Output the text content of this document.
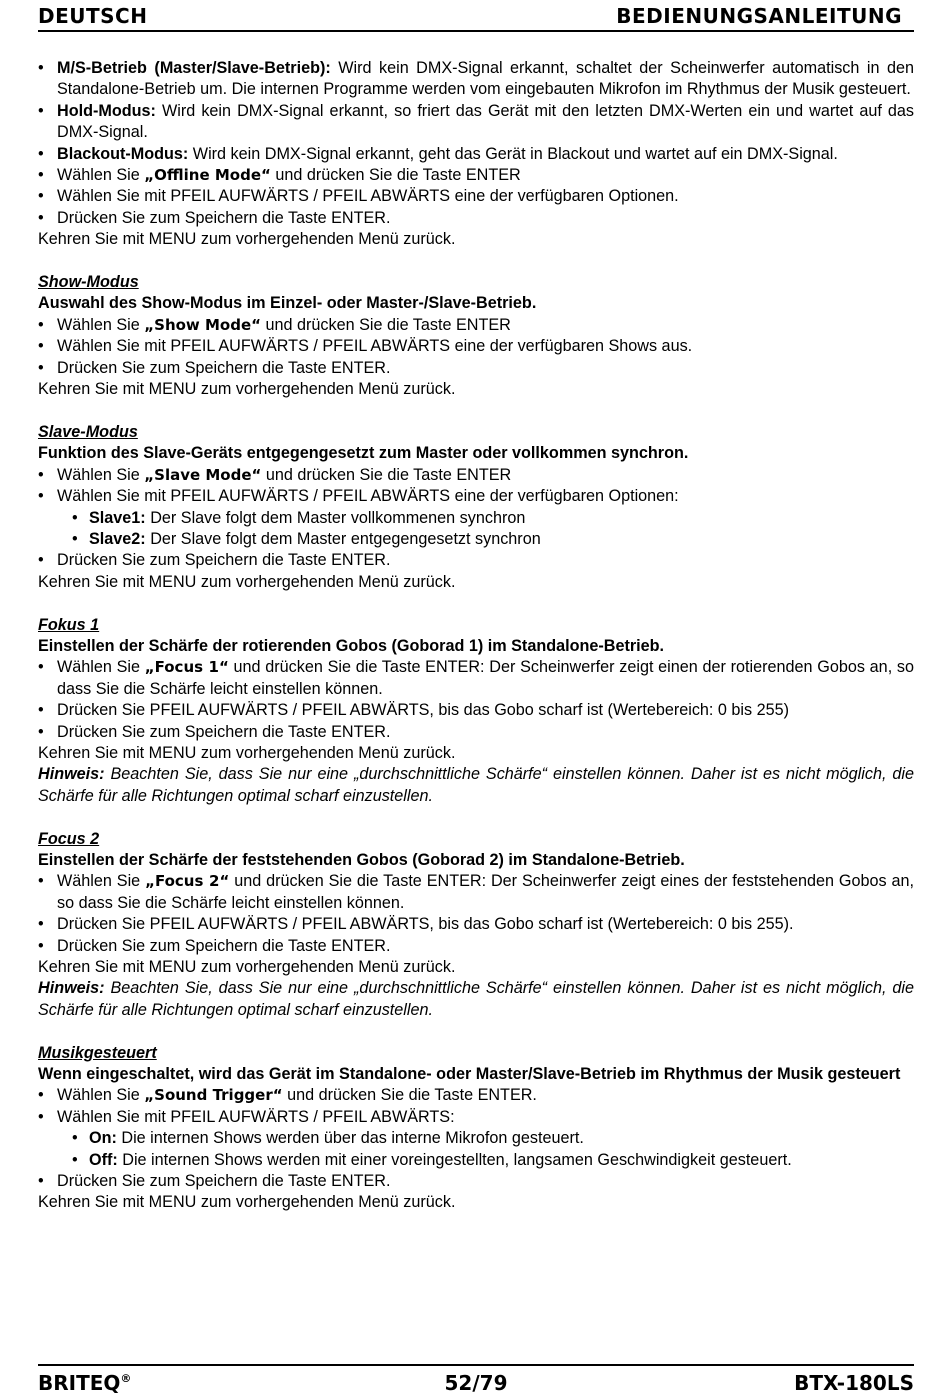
DEUTSCH	BEDIENUNGSANLEITUNG
• M/S-Betrieb (Master/Slave-Betrieb): Wird kein DMX-Signal erkannt, schaltet der Scheinwerfer automatisch in den Standalone-Betrieb um. Die internen Programme werden vom eingebauten Mikrofon im Rhythmus der Musik gesteuert.
• Hold-Modus: Wird kein DMX-Signal erkannt, so friert das Gerät mit den letzten DMX-Werten ein und wartet auf das DMX-Signal.
• Blackout-Modus: Wird kein DMX-Signal erkannt, geht das Gerät in Blackout und wartet auf ein DMX-Signal.
• Wählen Sie „Offline Mode“ und drücken Sie die Taste ENTER
• Wählen Sie mit PFEIL AUFWÄRTS / PFEIL ABWÄRTS eine der verfügbaren Optionen.
• Drücken Sie zum Speichern die Taste ENTER.
Kehren Sie mit MENU zum vorhergehenden Menü zurück.
Show-Modus
Auswahl des Show-Modus im Einzel- oder Master-/Slave-Betrieb.
• Wählen Sie „Show Mode“ und drücken Sie die Taste ENTER
• Wählen Sie mit PFEIL AUFWÄRTS / PFEIL ABWÄRTS eine der verfügbaren Shows aus.
• Drücken Sie zum Speichern die Taste ENTER.
Kehren Sie mit MENU zum vorhergehenden Menü zurück.
Slave-Modus
Funktion des Slave-Geräts entgegengesetzt zum Master oder vollkommen synchron.
• Wählen Sie „Slave Mode“ und drücken Sie die Taste ENTER
• Wählen Sie mit PFEIL AUFWÄRTS / PFEIL ABWÄRTS eine der verfügbaren Optionen:
• Slave1: Der Slave folgt dem Master vollkommenen synchron
• Slave2: Der Slave folgt dem Master entgegengesetzt synchron
• Drücken Sie zum Speichern die Taste ENTER.
Kehren Sie mit MENU zum vorhergehenden Menü zurück.
Fokus 1
Einstellen der Schärfe der rotierenden Gobos (Goborad 1) im Standalone-Betrieb.
• Wählen Sie „Focus 1“ und drücken Sie die Taste ENTER: Der Scheinwerfer zeigt einen der rotierenden Gobos an, so dass Sie die Schärfe leicht einstellen können.
• Drücken Sie PFEIL AUFWÄRTS / PFEIL ABWÄRTS, bis das Gobo scharf ist (Wertebereich: 0 bis 255)
• Drücken Sie zum Speichern die Taste ENTER.
Kehren Sie mit MENU zum vorhergehenden Menü zurück.
Hinweis: Beachten Sie, dass Sie nur eine „durchschnittliche Schärfe“ einstellen können. Daher ist es nicht möglich, die Schärfe für alle Richtungen optimal scharf einzustellen.
Focus 2
Einstellen der Schärfe der feststehenden Gobos (Goborad 2) im Standalone-Betrieb.
• Wählen Sie „Focus 2“ und drücken Sie die Taste ENTER: Der Scheinwerfer zeigt eines der feststehenden Gobos an, so dass Sie die Schärfe leicht einstellen können.
• Drücken Sie PFEIL AUFWÄRTS / PFEIL ABWÄRTS, bis das Gobo scharf ist (Wertebereich: 0 bis 255).
• Drücken Sie zum Speichern die Taste ENTER.
Kehren Sie mit MENU zum vorhergehenden Menü zurück.
Hinweis: Beachten Sie, dass Sie nur eine „durchschnittliche Schärfe“ einstellen können. Daher ist es nicht möglich, die Schärfe für alle Richtungen optimal scharf einzustellen.
Musikgesteuert
Wenn eingeschaltet, wird das Gerät im Standalone- oder Master/Slave-Betrieb im Rhythmus der Musik gesteuert
• Wählen Sie „Sound Trigger“ und drücken Sie die Taste ENTER.
• Wählen Sie mit PFEIL AUFWÄRTS / PFEIL ABWÄRTS:
• On: Die internen Shows werden über das interne Mikrofon gesteuert.
• Off: Die internen Shows werden mit einer voreingestellten, langsamen Geschwindigkeit gesteuert.
• Drücken Sie zum Speichern die Taste ENTER.
Kehren Sie mit MENU zum vorhergehenden Menü zurück.
BRITEQ®	52/79	BTX-180LS
